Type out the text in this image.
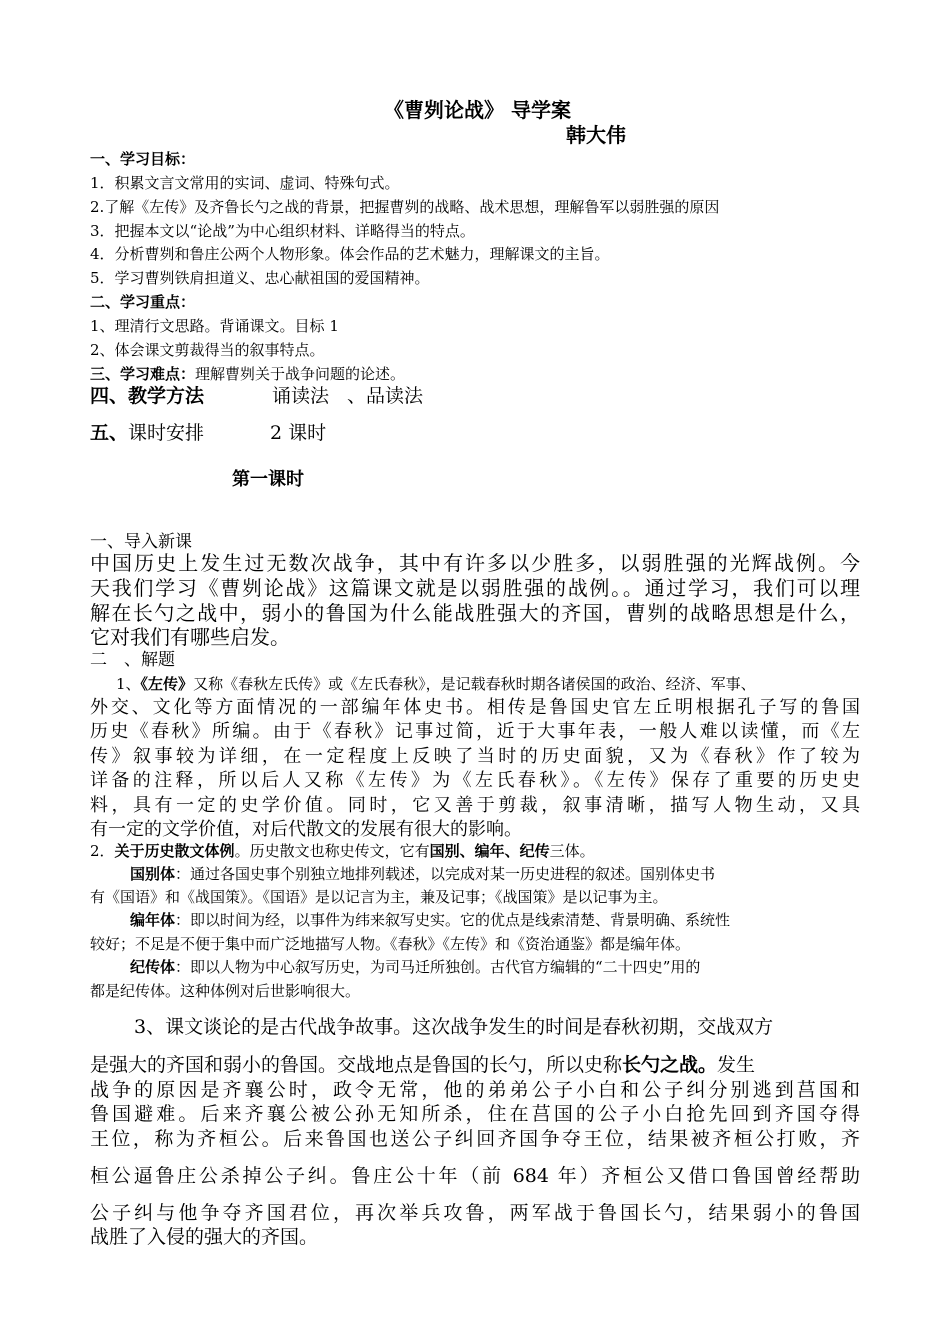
《曹刿论战》 导学案
韩大伟
一、学习目标：
1．积累文言文常用的实词、虚词、特殊句式。
2.了解《左传》及齐鲁长勺之战的背景，把握曹刿的战略、战术思想，理解鲁军以弱胜强的原因
3．把握本文以“论战”为中心组织材料、详略得当的特点。
4．分析曹刿和鲁庄公两个人物形象。体会作品的艺术魅力，理解课文的主旨。
5．学习曹刿铁肩担道义、忠心献祖国的爱国精神。
二、学习重点：
1、理清行文思路。背诵课文。目标 1
2、体会课文剪裁得当的叙事特点。
三、学习难点：理解曹刿关于战争问题的论述。
四、教学方法	诵读法 、品读法
五、课时安排	2 课时
第一课时
一、导入新课
中国历史上发生过无数次战争，其中有许多以少胜多，以弱胜强的光辉战例。今
天我们学习《曹刿论战》这篇课文就是以弱胜强的战例。。通过学习，我们可以理
解在长勺之战中，弱小的鲁国为什么能战胜强大的齐国，曹刿的战略思想是什么，
它对我们有哪些启发。
二　、解题
1、《左传》又称《春秋左氏传》或《左氏春秋》，是记载春秋时期各诸侯国的政治、经济、军事、
外交、文化等方面情况的一部编年体史书。相传是鲁国史官左丘明根据孔子写的鲁国
历史《春秋》所编。由于《春秋》记事过简，近于大事年表，一般人难以读懂，而《左
传》叙事较为详细，在一定程度上反映了当时的历史面貌，又为《春秋》作了较为
详备的注释，所以后人又称《左传》为《左氏春秋》。《左传》保存了重要的历史史
料，具有一定的史学价值。同时，它又善于剪裁，叙事清晰，描写人物生动，又具
有一定的文学价值，对后代散文的发展有很大的影响。
2．关于历史散文体例。历史散文也称史传文，它有国别、编年、纪传三体。
国别体：通过各国史事个别独立地排列载述，以完成对某一历史进程的叙述。国别体史书
有《国语》和《战国策》。《国语》是以记言为主，兼及记事；《战国策》是以记事为主。
编年体：即以时间为经，以事件为纬来叙写史实。它的优点是线索清楚、背景明确、系统性
较好；不足是不便于集中而广泛地描写人物。《春秋》《左传》和《资治通鉴》都是编年体。
纪传体：即以人物为中心叙写历史，为司马迁所独创。古代官方编辑的“二十四史”用的
都是纪传体。这种体例对后世影响很大。
3、课文谈论的是古代战争故事。这次战争发生的时间是春秋初期，交战双方
是强大的齐国和弱小的鲁国。交战地点是鲁国的长勺，所以史称长勺之战。发生
战争的原因是齐襄公时，政令无常，他的弟弟公子小白和公子纠分别逃到莒国和
鲁国避难。后来齐襄公被公孙无知所杀，住在莒国的公子小白抢先回到齐国夺得
王位，称为齐桓公。后来鲁国也送公子纠回齐国争夺王位，结果被齐桓公打败，齐
桓公逼鲁庄公杀掉公子纠。鲁庄公十年（前 684 年）齐桓公又借口鲁国曾经帮助
公子纠与他争夺齐国君位，再次举兵攻鲁，两军战于鲁国长勺，结果弱小的鲁国
战胜了入侵的强大的齐国。
